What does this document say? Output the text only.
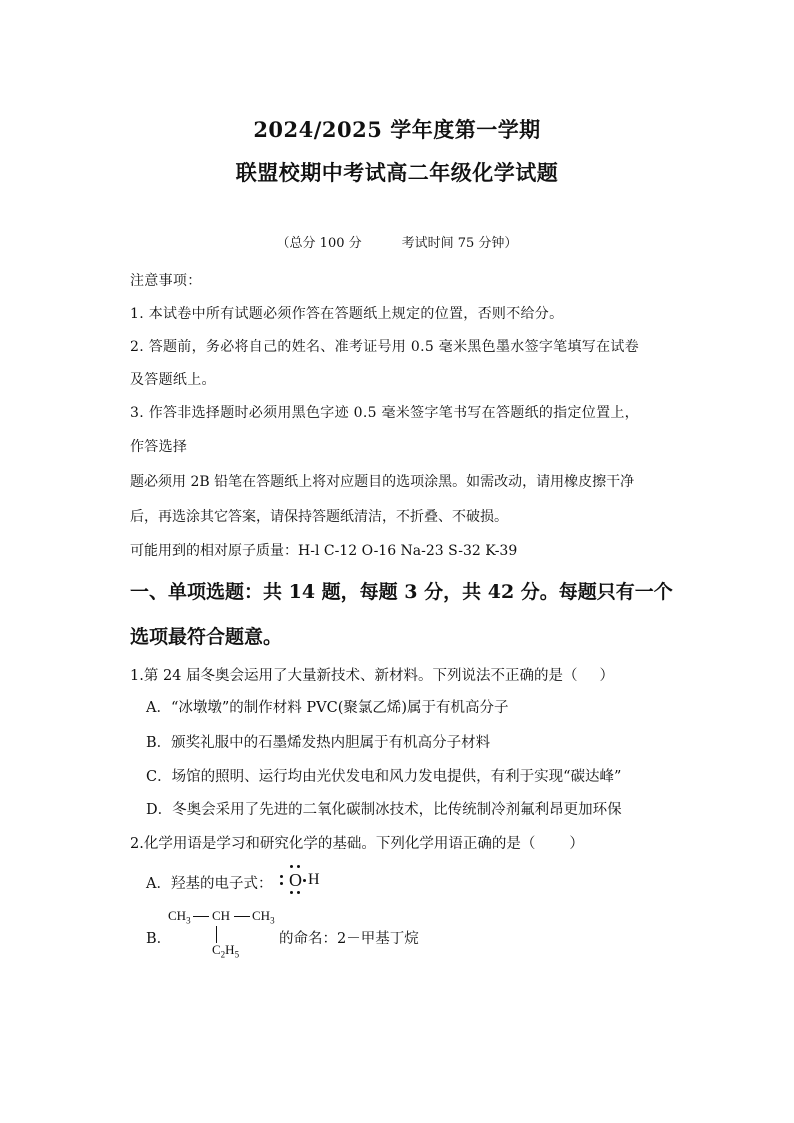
2024/2025 学年度第一学期
联盟校期中考试高二年级化学试题
（总分 100 分	考试时间 75 分钟）
注意事项：
1. 本试卷中所有试题必须作答在答题纸上规定的位置，否则不给分。
2. 答题前，务必将自己的姓名、准考证号用 0.5 毫米黑色墨水签字笔填写在试卷
及答题纸上。
3. 作答非选择题时必须用黑色字迹 0.5 毫米签字笔书写在答题纸的指定位置上，
作答选择
题必须用 2B 铅笔在答题纸上将对应题目的选项涂黑。如需改动，请用橡皮擦干净
后，再选涂其它答案，请保持答题纸清洁，不折叠、不破损。
可能用到的相对原子质量：H-l C-12 O-16 Na-23 S-32 K-39
一、单项选题：共 14 题，每题 3 分，共 42 分。每题只有一个
选项最符合题意。
1.第 24 届冬奥会运用了大量新技术、新材料。下列说法不正确的是（ ）
A．“冰墩墩”的制作材料 PVC(聚氯乙烯)属于有机高分子
B．颁奖礼服中的石墨烯发热内胆属于有机高分子材料
C．场馆的照明、运行均由光伏发电和风力发电提供，有利于实现“碳达峰”
D．冬奥会采用了先进的二氧化碳制冰技术，比传统制冷剂氟利昂更加环保
2.化学用语是学习和研究化学的基础。下列化学用语正确的是（ ）
A．羟基的电子式： O H
B．
$CH_3$ CH $CH_3$
$C_2H_5$
的命名：2－甲基丁烷
